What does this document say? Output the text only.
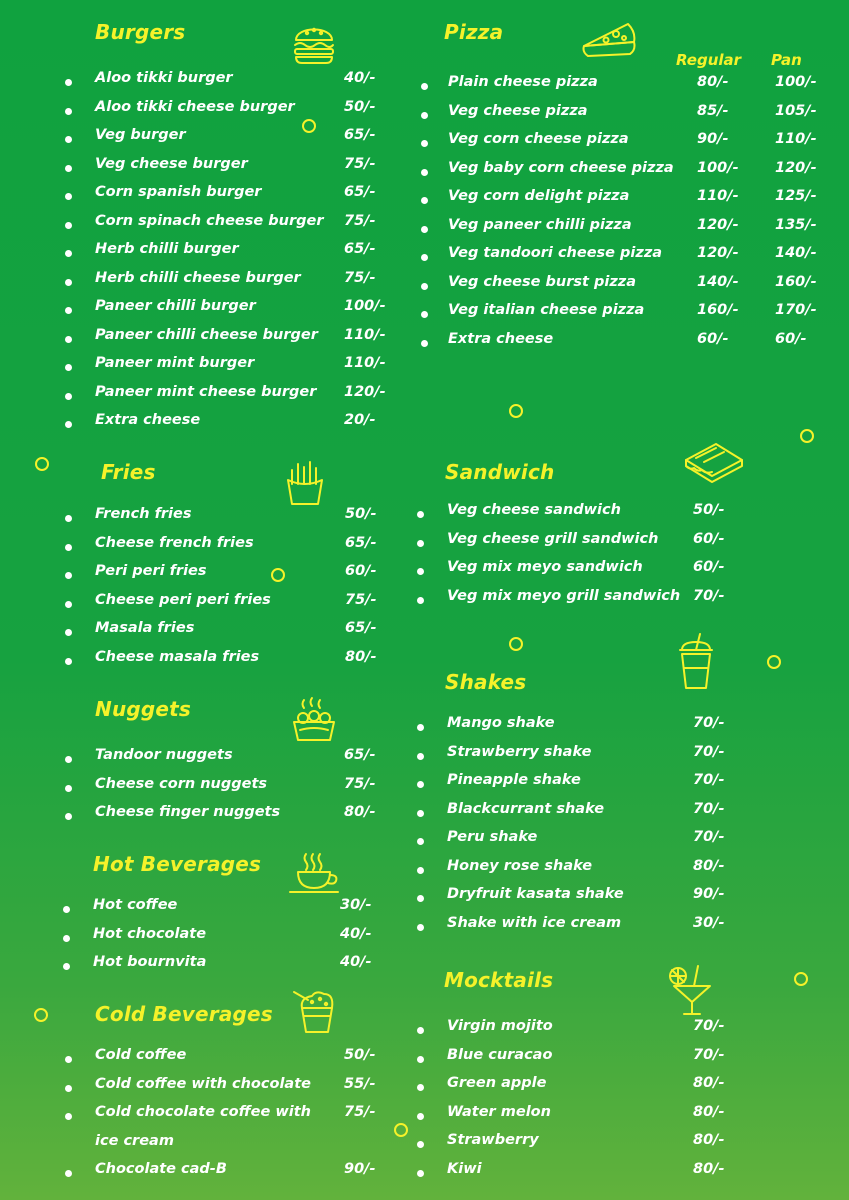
Burgers
Aloo tikki burger	40/-
Aloo tikki cheese burger	50/-
Veg burger	65/-
Veg cheese burger	75/-
Corn spanish burger	65/-
Corn spinach cheese burger 75/-
Herb chilli burger	65/-
Herb chilli cheese burger	75/-
Paneer chilli burger	100/-
Paneer chilli cheese burger 110/-
Paneer mint burger	110/-
Paneer mint cheese burger 120/-
Extra cheese	20/-
Fries
French fries	50/-
Cheese french fries	65/-
Peri peri fries	60/-
Cheese peri peri fries	75/-
Masala fries	65/-
Cheese masala fries	80/-
Nuggets
Tandoor nuggets	65/-
Cheese corn nuggets	75/-
Cheese finger nuggets	80/-
Hot Beverages
Hot coffee	30/-
Hot chocolate	40/-
Hot bournvita	40/-
Cold Beverages
Cold coffee	50/-
Cold coffee with chocolate 55/-
Cold chocolate coffee with 75/-
ice cream
Chocolate cad-B	90/-
Pizza
Regular Pan
Plain cheese pizza	80/-	100/-
Veg cheese pizza	85/-	105/-
Veg corn cheese pizza	90/-	110/-
Veg baby corn cheese pizza 100/-	120/-
Veg corn delight pizza	110/-	125/-
Veg paneer chilli pizza	120/-	135/-
Veg tandoori cheese pizza 120/-	140/-
Veg cheese burst pizza	140/-	160/-
Veg italian cheese pizza	160/-	170/-
Extra cheese	60/-	60/-
Sandwich
Veg cheese sandwich	50/-
Veg cheese grill sandwich 60/-
Veg mix meyo sandwich	60/-
Veg mix meyo grill sandwich 70/-
Shakes
Mango shake	70/-
Strawberry shake	70/-
Pineapple shake	70/-
Blackcurrant shake	70/-
Peru shake	70/-
Honey rose shake	80/-
Dryfruit kasata shake	90/-
Shake with ice cream	30/-
Mocktails
Virgin mojito	70/-
Blue curacao	70/-
Green apple	80/-
Water melon	80/-
Strawberry	80/-
Kiwi	80/-
